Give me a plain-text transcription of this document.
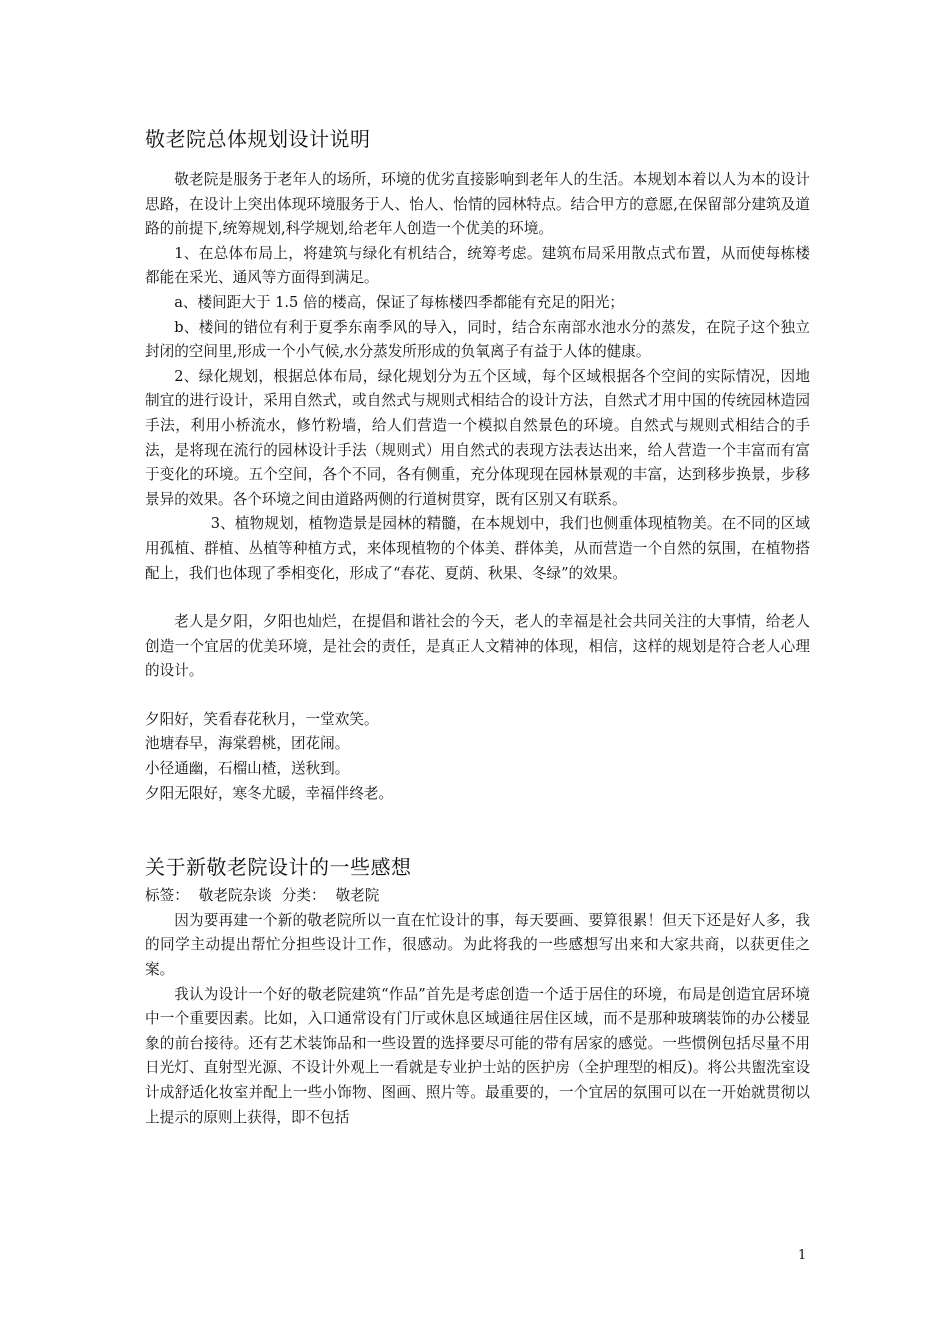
敬老院总体规划设计说明

敬老院是服务于老年人的场所，环境的优劣直接影响到老年人的生活。本规划本着以人为本的设计思路，在设计上突出体现环境服务于人、怡人、怡情的园林特点。结合甲方的意愿,在保留部分建筑及道路的前提下,统筹规划,科学规划,给老年人创造一个优美的环境。

1、在总体布局上，将建筑与绿化有机结合，统筹考虑。建筑布局采用散点式布置，从而使每栋楼都能在采光、通风等方面得到满足。

a、楼间距大于 1.5 倍的楼高，保证了每栋楼四季都能有充足的阳光；

b、楼间的错位有利于夏季东南季风的导入，同时，结合东南部水池水分的蒸发，在院子这个独立封闭的空间里,形成一个小气候,水分蒸发所形成的负氧离子有益于人体的健康。

2、绿化规划，根据总体布局，绿化规划分为五个区域，每个区域根据各个空间的实际情况，因地制宜的进行设计，采用自然式，或自然式与规则式相结合的设计方法，自然式才用中国的传统园林造园手法，利用小桥流水，修竹粉墙，给人们营造一个模拟自然景色的环境。自然式与规则式相结合的手法，是将现在流行的园林设计手法（规则式）用自然式的表现方法表达出来，给人营造一个丰富而有富于变化的环境。五个空间，各个不同，各有侧重，充分体现现在园林景观的丰富，达到移步换景，步移景异的效果。各个环境之间由道路两侧的行道树贯穿，既有区别又有联系。

3、植物规划，植物造景是园林的精髓，在本规划中，我们也侧重体现植物美。在不同的区域用孤植、群植、丛植等种植方式，来体现植物的个体美、群体美，从而营造一个自然的氛围，在植物搭配上，我们也体现了季相变化，形成了“春花、夏荫、秋果、冬绿”的效果。

老人是夕阳，夕阳也灿烂，在提倡和谐社会的今天，老人的幸福是社会共同关注的大事情，给老人创造一个宜居的优美环境，是社会的责任，是真正人文精神的体现，相信，这样的规划是符合老人心理的设计。

夕阳好，笑看春花秋月，一堂欢笑。

池塘春早，海棠碧桃，团花闹。

小径通幽，石榴山楂，送秋到。

夕阳无限好，寒冬尤暖，幸福伴终老。

关于新敬老院设计的一些感想
标签： 敬老院杂谈 分类： 敬老院

因为要再建一个新的敬老院所以一直在忙设计的事，每天要画、要算很累！但天下还是好人多，我的同学主动提出帮忙分担些设计工作，很感动。为此将我的一些感想写出来和大家共商，以获更佳之案。

我认为设计一个好的敬老院建筑“作品”首先是考虑创造一个适于居住的环境，布局是创造宜居环境中一个重要因素。比如，入口通常设有门厅或休息区域通往居住区域，而不是那种玻璃装饰的办公楼显象的前台接待。还有艺术装饰品和一些设置的选择要尽可能的带有居家的感觉。一些惯例包括尽量不用日光灯、直射型光源、不设计外观上一看就是专业护士站的医护房（全护理型的相反)。将公共盥洗室设计成舒适化妆室并配上一些小饰物、图画、照片等。最重要的，一个宜居的氛围可以在一开始就贯彻以上提示的原则上获得，即不包括

1
